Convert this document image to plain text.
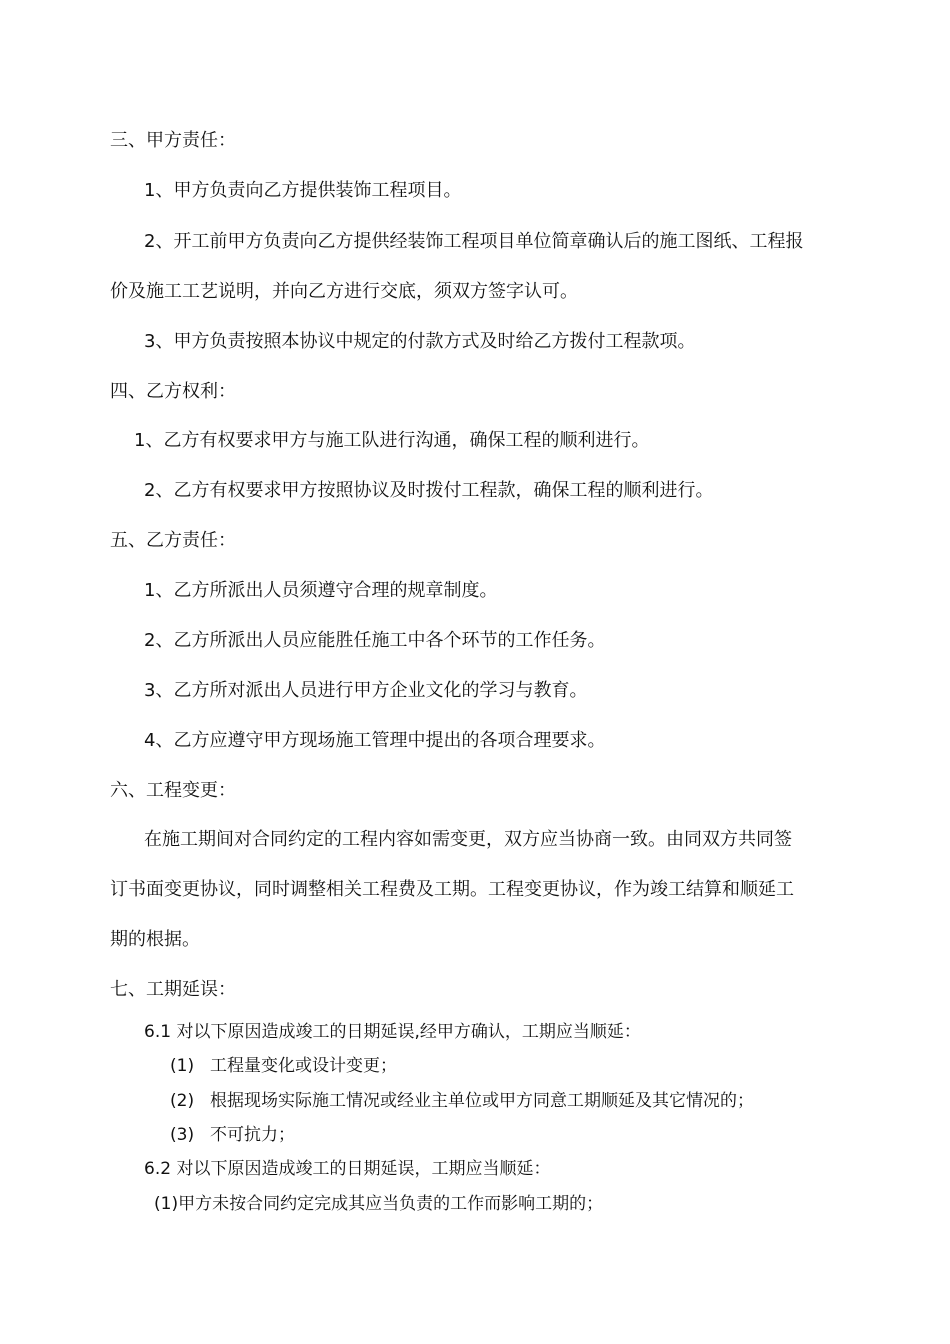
三、甲方责任：
1、甲方负责向乙方提供装饰工程项目。
2、开工前甲方负责向乙方提供经装饰工程项目单位简章确认后的施工图纸、工程报
价及施工工艺说明，并向乙方进行交底，须双方签字认可。
3、甲方负责按照本协议中规定的付款方式及时给乙方拨付工程款项。
四、乙方权利：
1、乙方有权要求甲方与施工队进行沟通，确保工程的顺利进行。
2、乙方有权要求甲方按照协议及时拨付工程款，确保工程的顺利进行。
五、乙方责任：
1、乙方所派出人员须遵守合理的规章制度。
2、乙方所派出人员应能胜任施工中各个环节的工作任务。
3、乙方所对派出人员进行甲方企业文化的学习与教育。
4、乙方应遵守甲方现场施工管理中提出的各项合理要求。
六、工程变更：
在施工期间对合同约定的工程内容如需变更，双方应当协商一致。由同双方共同签
订书面变更协议，同时调整相关工程费及工期。工程变更协议，作为竣工结算和顺延工
期的根据。
七、工期延误：
6.1 对以下原因造成竣工的日期延误,经甲方确认，工期应当顺延：
(1) 工程量变化或设计变更；
(2) 根据现场实际施工情况或经业主单位或甲方同意工期顺延及其它情况的；
(3) 不可抗力；
6.2 对以下原因造成竣工的日期延误，工期应当顺延：
(1)甲方未按合同约定完成其应当负责的工作而影响工期的；
